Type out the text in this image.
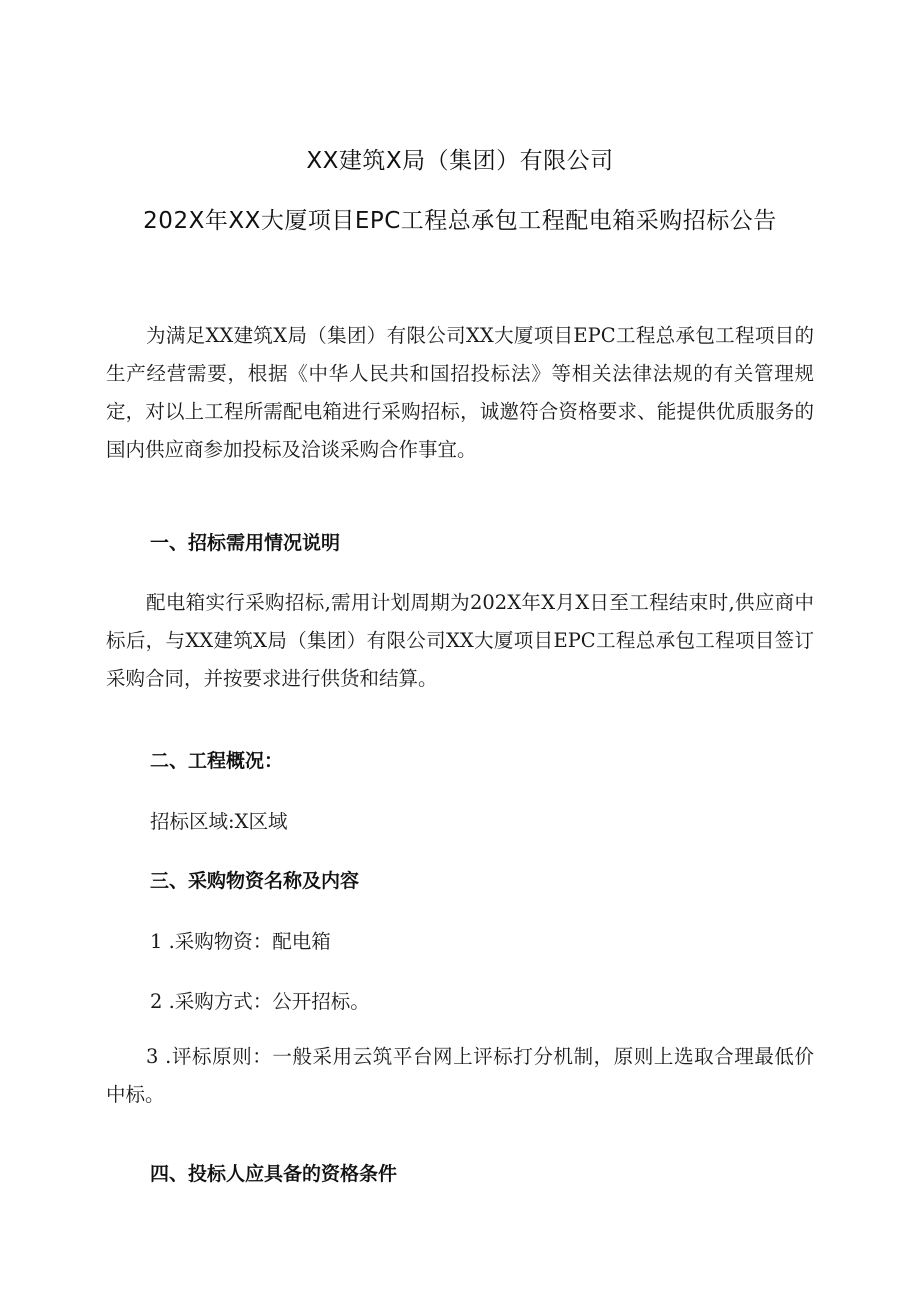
XX建筑X局（集团）有限公司
202X年XX大厦项目EPC工程总承包工程配电箱采购招标公告
为满足XX建筑X局（集团）有限公司XX大厦项目EPC工程总承包工程项目的生产经营需要，根据《中华人民共和国招投标法》等相关法律法规的有关管理规定，对以上工程所需配电箱进行采购招标，诚邀符合资格要求、能提供优质服务的国内供应商参加投标及洽谈采购合作事宜。
一、招标需用情况说明
配电箱实行采购招标,需用计划周期为202X年X月X日至工程结束时,供应商中标后，与XX建筑X局（集团）有限公司XX大厦项目EPC工程总承包工程项目签订采购合同，并按要求进行供货和结算。
二、工程概况：
招标区域:X区域
三、采购物资名称及内容
1 .采购物资：配电箱
2 .采购方式：公开招标。
3 .评标原则：一般采用云筑平台网上评标打分机制，原则上选取合理最低价中标。
四、投标人应具备的资格条件
